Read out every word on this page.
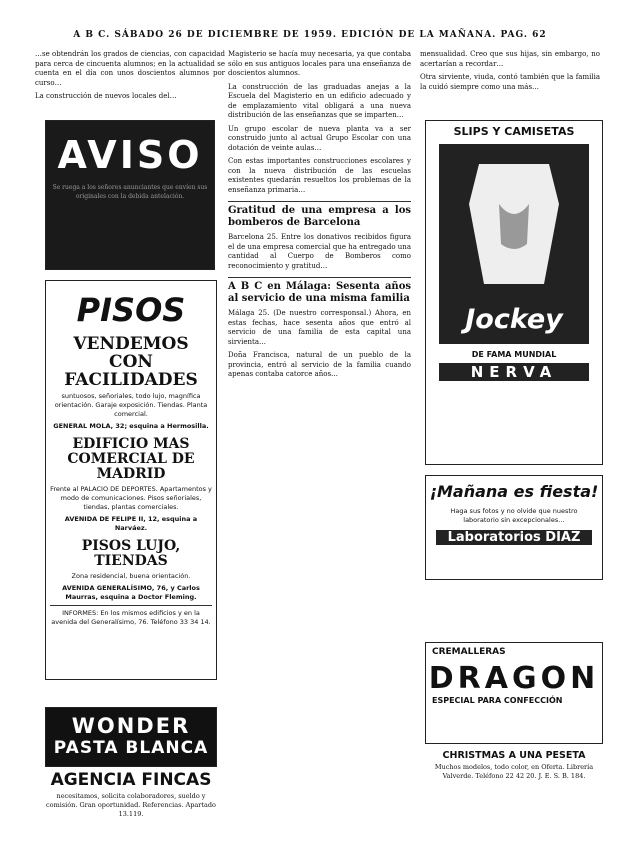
A B C. SÁBADO 26 DE DICIEMBRE DE 1959. EDICIÓN DE LA MAÑANA. PAG. 62

…se obtendrán los grados de ciencias, con capacidad para cerca de cincuenta alumnos; en la actualidad se cuenta en el día con unos doscientos alumnos por curso…

La construcción de nuevos locales del…

AVISO
Se ruega a los señores anunciantes que envíen sus originales con la debida antelación.
PISOS
VENDEMOS CON FACILIDADES
suntuosos, señoriales, todo lujo, magnífica orientación. Garaje exposición. Tiendas. Planta comercial.
GENERAL MOLA, 32; esquina a Hermosilla.
EDIFICIO MAS COMERCIAL DE MADRID
Frente al PALACIO DE DEPORTES. Apartamentos y modo de comunicaciones. Pisos señoriales, tiendas, plantas comerciales.
AVENIDA DE FELIPE II, 12, esquina a Narváez.
PISOS LUJO, TIENDAS
Zona residencial, buena orientación.
AVENIDA GENERALÍSIMO, 76, y Carlos Maurras, esquina a Doctor Fleming.
INFORMES: En los mismos edificios y en la avenida del Generalísimo, 76. Teléfono 33 34 14.
WONDER
PASTA BLANCA
AGENCIA FINCAS
necesitamos, solicita colaboradores, sueldo y comisión. Gran oportunidad. Referencias. Apartado 13.119.

Magisterio se hacía muy necesaria, ya que contaba sólo en sus antiguos locales para una enseñanza de doscientos alumnos.

La construcción de las graduadas anejas a la Escuela del Magisterio en un edificio adecuado y de emplazamiento vital obligará a una nueva distribución de las enseñanzas que se imparten…

Un grupo escolar de nueva planta va a ser construido junto al actual Grupo Escolar con una dotación de veinte aulas…

Con estas importantes construcciones escolares y con la nueva distribución de las escuelas existentes quedarán resueltos los problemas de la enseñanza primaria…

Gratitud de una empresa a los bomberos de Barcelona

Barcelona 25. Entre los donativos recibidos figura el de una empresa comercial que ha entregado una cantidad al Cuerpo de Bomberos como reconocimiento y gratitud…

A B C en Málaga: Sesenta años al servicio de una misma familia

Málaga 25. (De nuestro corresponsal.) Ahora, en estas fechas, hace sesenta años que entró al servicio de una familia de esta capital una sirvienta…

Doña Francisca, natural de un pueblo de la provincia, entró al servicio de la familia cuando apenas contaba catorce años…

mensualidad. Creo que sus hijas, sin embargo, no acertarían a recordar…

Otra sirviente, viuda, contó también que la familia la cuidó siempre como una más…

SLIPS Y CAMISETAS
Jockey
DE FAMA MUNDIAL
NERVA
¡Mañana es fiesta!
Haga sus fotos y no olvide que nuestro laboratorio sin excepcionales…
Laboratorios DIAZ
CREMALLERAS
DRAGON
ESPECIAL PARA CONFECCIÓN
CHRISTMAS A UNA PESETA
Muchos modelos, todo color, en Oferta. Librería Valverde. Teléfono 22 42 20. J. E. S. B. 184.
